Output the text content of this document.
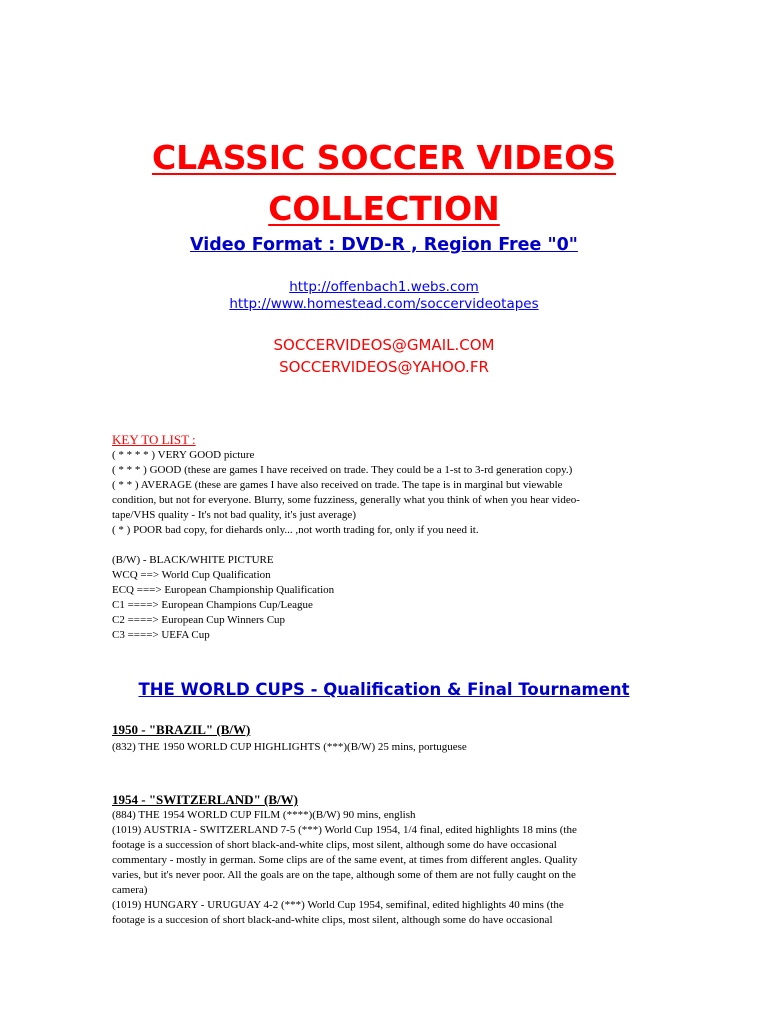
CLASSIC SOCCER VIDEOS
COLLECTION
Video Format : DVD-R , Region Free "0"
http://offenbach1.webs.com
http://www.homestead.com/soccervideotapes
SOCCERVIDEOS@GMAIL.COM
SOCCERVIDEOS@YAHOO.FR
KEY TO LIST :
( * * * * ) VERY GOOD picture
( * * * ) GOOD (these are games I have received on trade. They could be a 1-st to 3-rd generation copy.)
( * * ) AVERAGE (these are games I have also received on trade. The tape is in marginal but viewable
condition, but not for everyone. Blurry, some fuzziness, generally what you think of when you hear video-
tape/VHS quality - It's not bad quality, it's just average)
( * ) POOR bad copy, for diehards only... ,not worth trading for, only if you need it.
(B/W) - BLACK/WHITE PICTURE
WCQ ==> World Cup Qualification
ECQ ===> European Championship Qualification
C1 ====> European Champions Cup/League
C2 ====> European Cup Winners Cup
C3 ====> UEFA Cup
THE WORLD CUPS - Qualification & Final Tournament
1950 - "BRAZIL" (B/W)
(832) THE 1950 WORLD CUP HIGHLIGHTS (***)(B/W) 25 mins, portuguese
1954 - "SWITZERLAND" (B/W)
(884) THE 1954 WORLD CUP FILM (****)(B/W) 90 mins, english
(1019) AUSTRIA - SWITZERLAND 7-5 (***) World Cup 1954, 1/4 final, edited highlights 18 mins (the
footage is a succession of short black-and-white clips, most silent, although some do have occasional
commentary - mostly in german. Some clips are of the same event, at times from different angles. Quality
varies, but it's never poor. All the goals are on the tape, although some of them are not fully caught on the
camera)
(1019) HUNGARY - URUGUAY 4-2 (***) World Cup 1954, semifinal, edited highlights 40 mins (the
footage is a succesion of short black-and-white clips, most silent, although some do have occasional
